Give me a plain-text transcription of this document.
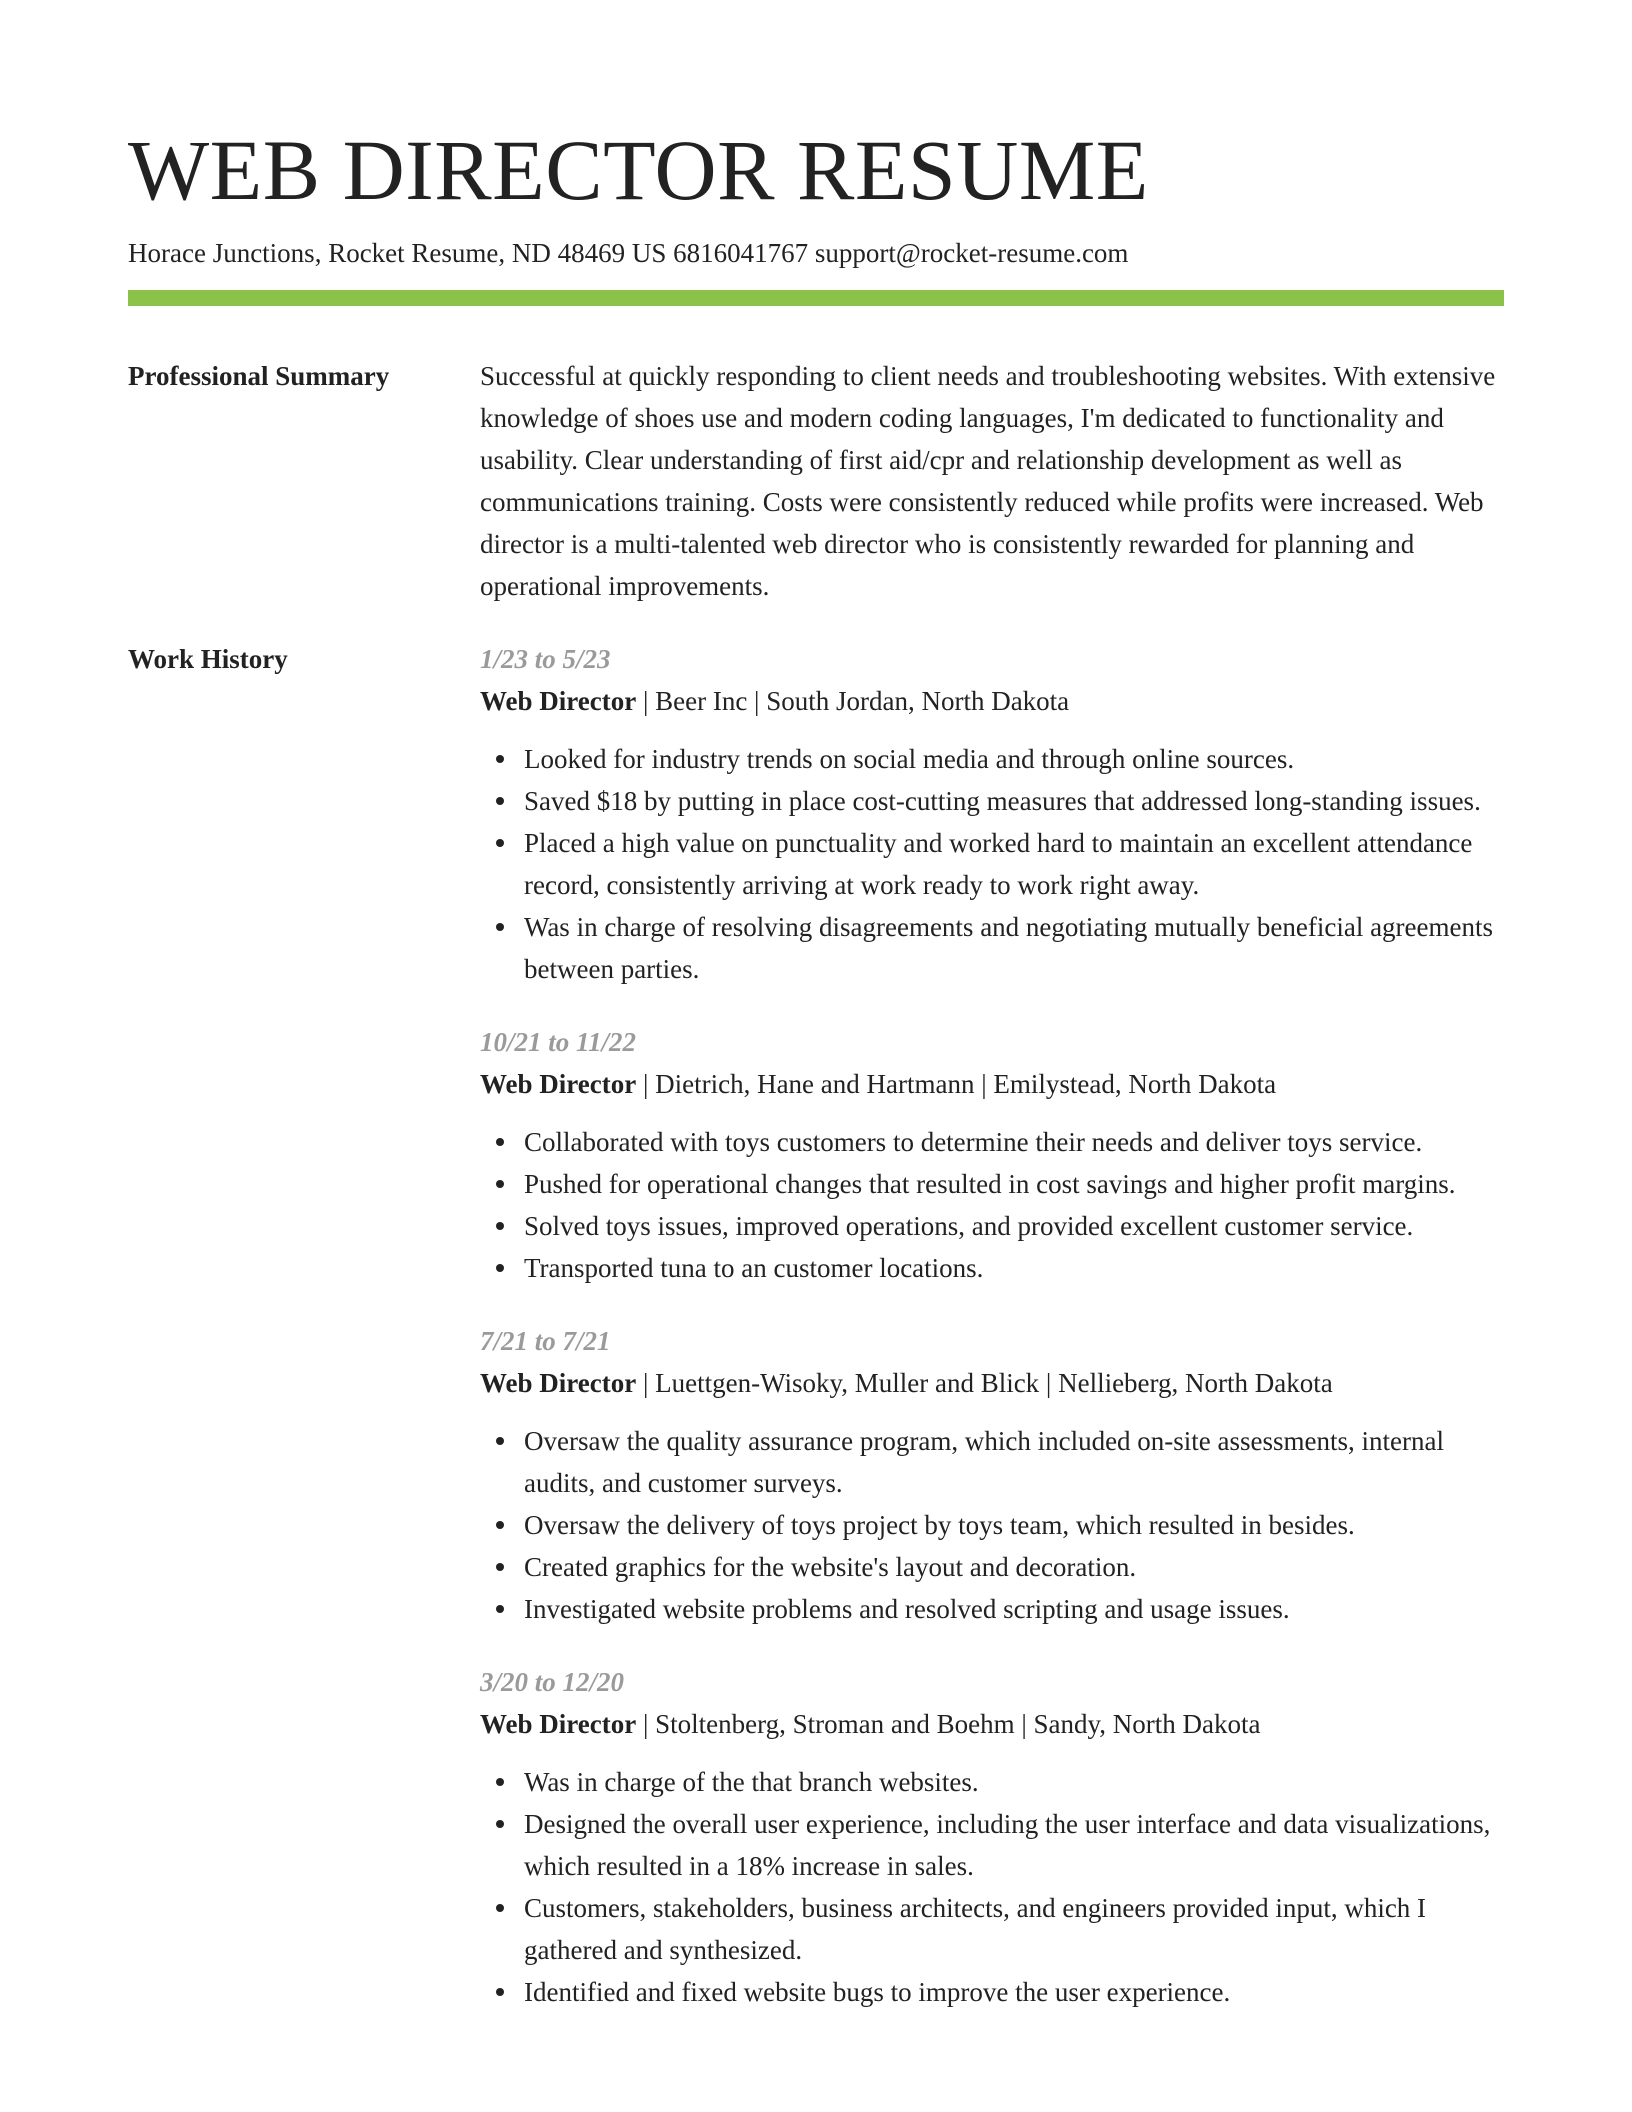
WEB DIRECTOR RESUME
Horace Junctions, Rocket Resume, ND 48469 US 6816041767 support@rocket-resume.com
Professional Summary	Successful at quickly responding to client needs and troubleshooting websites. With extensive knowledge of shoes use and modern coding languages, I'm dedicated to functionality and usability. Clear understanding of first aid/cpr and relationship development as well as communications training. Costs were consistently reduced while profits were increased. Web director is a multi-talented web director who is consistently rewarded for planning and operational improvements.

Work History	1/23 to 5/23
Web Director | Beer Inc | South Jordan, North Dakota
Looked for industry trends on social media and through online sources.
Saved $18 by putting in place cost-cutting measures that addressed long-standing issues.
Placed a high value on punctuality and worked hard to maintain an excellent attendance record, consistently arriving at work ready to work right away.
Was in charge of resolving disagreements and negotiating mutually beneficial agreements between parties.
10/21 to 11/22
Web Director | Dietrich, Hane and Hartmann | Emilystead, North Dakota
Collaborated with toys customers to determine their needs and deliver toys service.
Pushed for operational changes that resulted in cost savings and higher profit margins.
Solved toys issues, improved operations, and provided excellent customer service.
Transported tuna to an customer locations.
7/21 to 7/21
Web Director | Luettgen-Wisoky, Muller and Blick | Nellieberg, North Dakota
Oversaw the quality assurance program, which included on-site assessments, internal audits, and customer surveys.
Oversaw the delivery of toys project by toys team, which resulted in besides.
Created graphics for the website's layout and decoration.
Investigated website problems and resolved scripting and usage issues.
3/20 to 12/20
Web Director | Stoltenberg, Stroman and Boehm | Sandy, North Dakota
Was in charge of the that branch websites.
Designed the overall user experience, including the user interface and data visualizations, which resulted in a 18% increase in sales.
Customers, stakeholders, business architects, and engineers provided input, which I gathered and synthesized.
Identified and fixed website bugs to improve the user experience.
